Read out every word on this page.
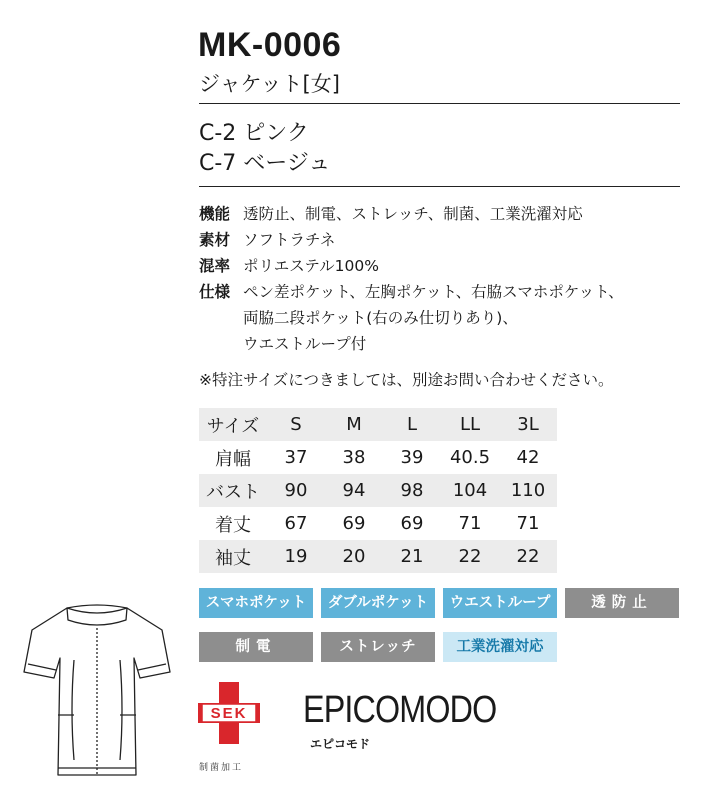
MK-0006
ジャケット[女]
C-2 ピンク
C-7 ベージュ
機能 透防止、制電、ストレッチ、制菌、工業洗濯対応
素材 ソフトラチネ
混率 ポリエステル100%
仕様 ペン差ポケット、左胸ポケット、右脇スマホポケット、
両脇二段ポケット(右のみ仕切りあり)、
ウエストループ付
※特注サイズにつきましては、別途お問い合わせください。
サイズ	S	M	L	LL	3L
肩幅	37	38	39	40.5	42
バスト	90	94	98	104	110
着丈	67	69	69	71	71
袖丈	19	20	21	22	22
スマホポケット	ダブルポケット	ウエストループ	透防止
制電	ストレッチ	工業洗濯対応
SEK
制菌加工
EPICOMODO
エピコモド
